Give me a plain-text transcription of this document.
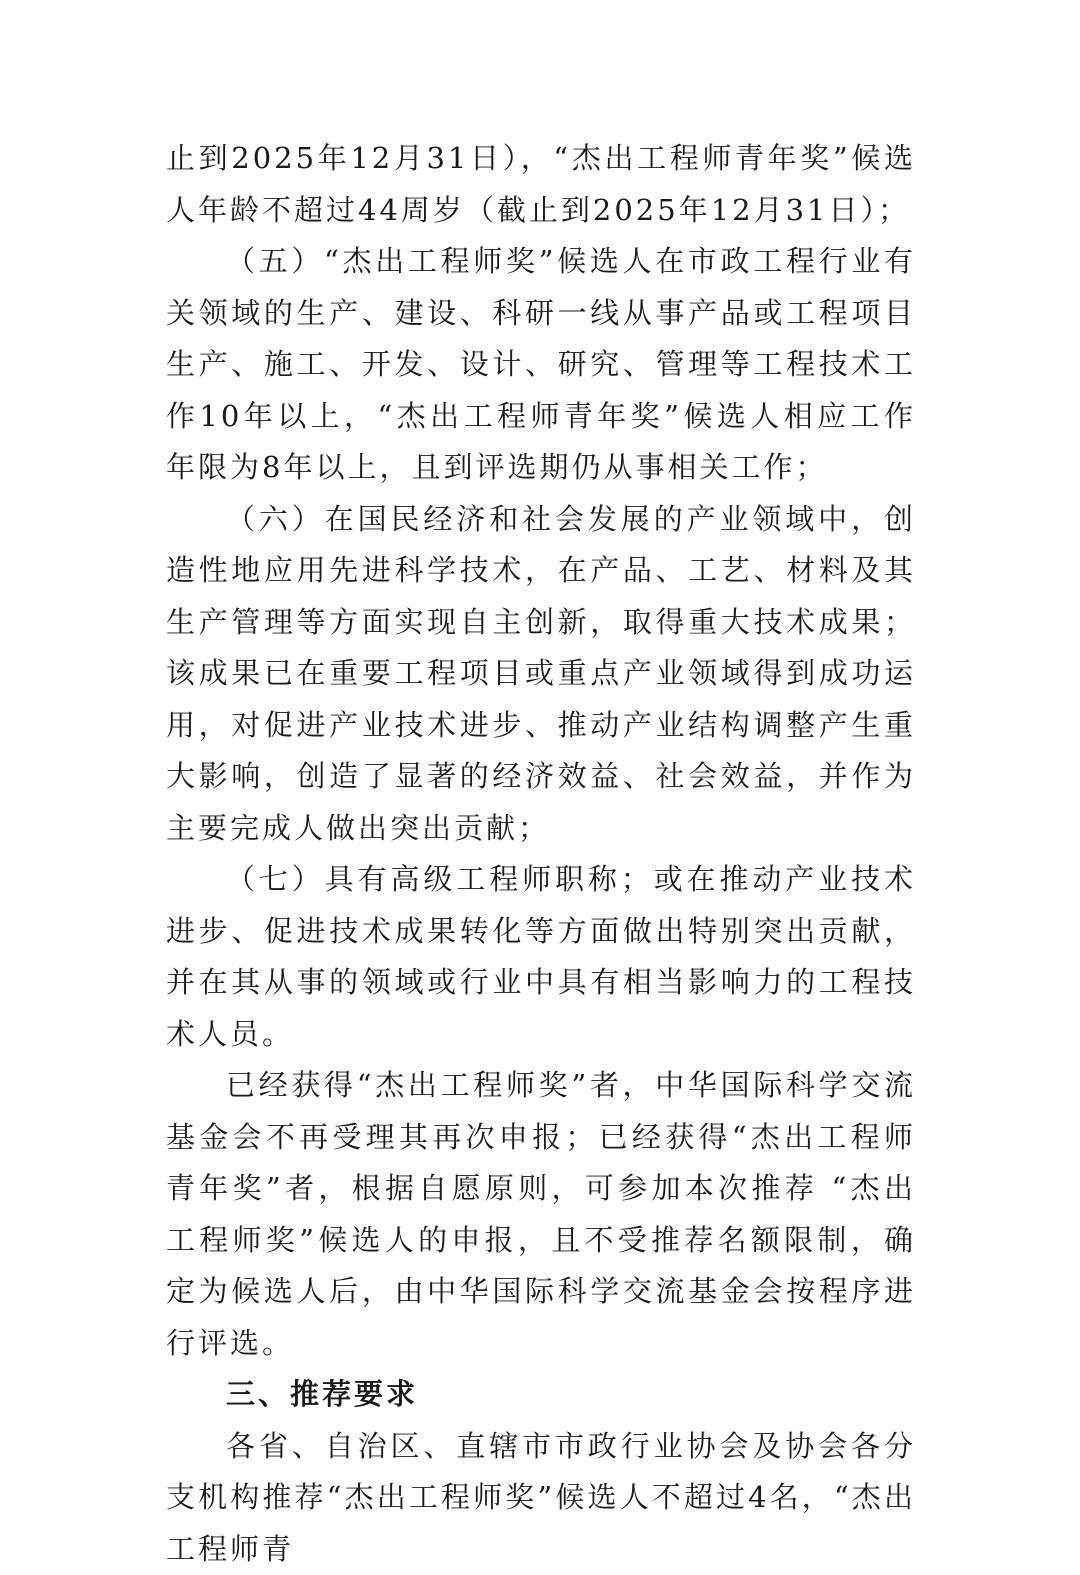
止到2025年12月31日），“杰出工程师青年奖”候选人年龄不超过44周岁（截止到2025年12月31日）；

（五）“杰出工程师奖”候选人在市政工程行业有关领域的生产、建设、科研一线从事产品或工程项目生产、施工、开发、设计、研究、管理等工程技术工作10年以上，“杰出工程师青年奖”候选人相应工作年限为8年以上，且到评选期仍从事相关工作；

（六）在国民经济和社会发展的产业领域中，创造性地应用先进科学技术，在产品、工艺、材料及其生产管理等方面实现自主创新，取得重大技术成果；该成果已在重要工程项目或重点产业领域得到成功运用，对促进产业技术进步、推动产业结构调整产生重大影响，创造了显著的经济效益、社会效益，并作为主要完成人做出突出贡献；

（七）具有高级工程师职称；或在推动产业技术进步、促进技术成果转化等方面做出特别突出贡献，并在其从事的领域或行业中具有相当影响力的工程技术人员。

已经获得“杰出工程师奖”者，中华国际科学交流基金会不再受理其再次申报；已经获得“杰出工程师青年奖”者，根据自愿原则，可参加本次推荐 “杰出工程师奖”候选人的申报，且不受推荐名额限制，确定为候选人后，由中华国际科学交流基金会按程序进行评选。

三、推荐要求

各省、自治区、直辖市市政行业协会及协会各分支机构推荐“杰出工程师奖”候选人不超过4名，“杰出工程师青
